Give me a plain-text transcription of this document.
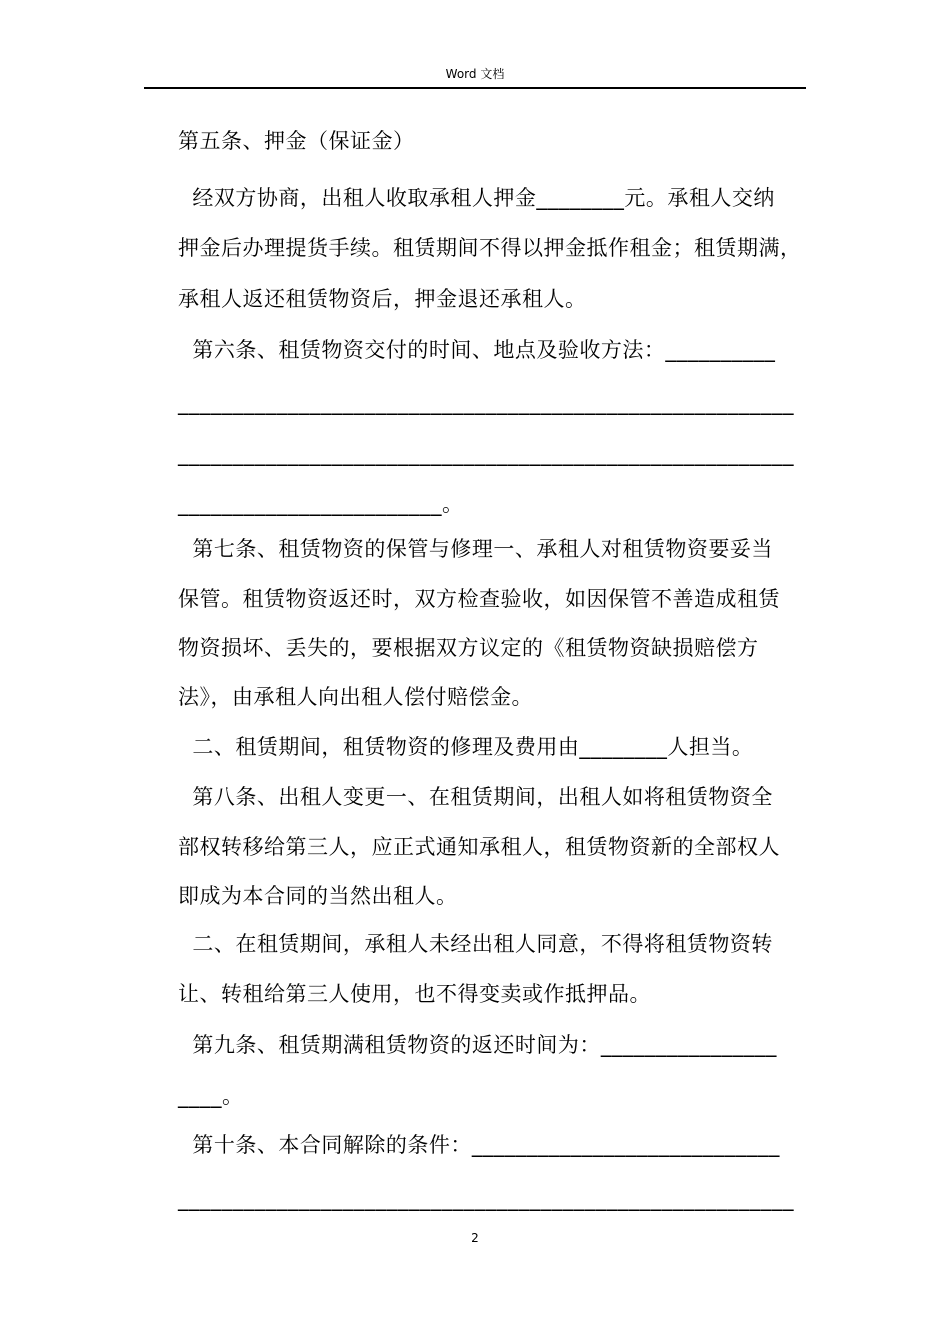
Word 文档
第五条、押金（保证金）
经双方协商，出租人收取承租人押金________元。承租人交纳
押金后办理提货手续。租赁期间不得以押金抵作租金；租赁期满，
承租人返还租赁物资后，押金退还承租人。
第六条、租赁物资交付的时间、地点及验收方法：__________
________________________________________________________
________________________________________________________
________________________。
第七条、租赁物资的保管与修理一、承租人对租赁物资要妥当
保管。租赁物资返还时，双方检查验收，如因保管不善造成租赁
物资损坏、丢失的，要根据双方议定的《租赁物资缺损赔偿方
法》，由承租人向出租人偿付赔偿金。
二、租赁期间，租赁物资的修理及费用由________人担当。
第八条、出租人变更一、在租赁期间，出租人如将租赁物资全
部权转移给第三人，应正式通知承租人，租赁物资新的全部权人
即成为本合同的当然出租人。
二、在租赁期间，承租人未经出租人同意，不得将租赁物资转
让、转租给第三人使用，也不得变卖或作抵押品。
第九条、租赁期满租赁物资的返还时间为：________________
____。
第十条、本合同解除的条件：____________________________
________________________________________________________
2
